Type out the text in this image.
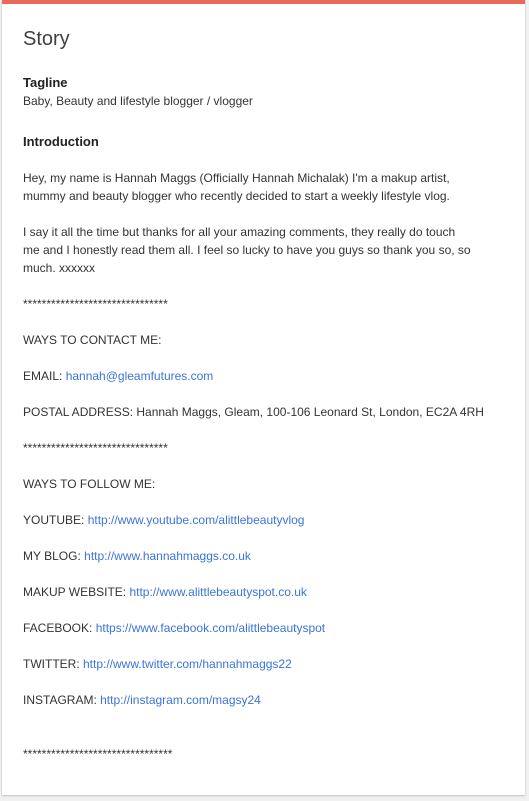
Story
Tagline
Baby, Beauty and lifestyle blogger / vlogger
Introduction

Hey, my name is Hannah Maggs (Officially Hannah Michalak) I'm a makup artist,
mummy and beauty blogger who recently decided to start a weekly lifestyle vlog.

I say it all the time but thanks for all your amazing comments, they really do touch
me and I honestly read them all. I feel so lucky to have you guys so thank you so, so
much. xxxxxx

*******************************

WAYS TO CONTACT ME:

EMAIL: hannah@gleamfutures.com

POSTAL ADDRESS: Hannah Maggs, Gleam, 100-106 Leonard St, London, EC2A 4RH

*******************************

WAYS TO FOLLOW ME:

YOUTUBE: http://www.youtube.com/alittlebeautyvlog

MY BLOG: http://www.hannahmaggs.co.uk

MAKUP WEBSITE: http://www.alittlebeautyspot.co.uk

FACEBOOK: https://www.facebook.com/alittlebeautyspot

TWITTER: http://www.twitter.com/hannahmaggs22

INSTAGRAM: http://instagram.com/magsy24

********************************
